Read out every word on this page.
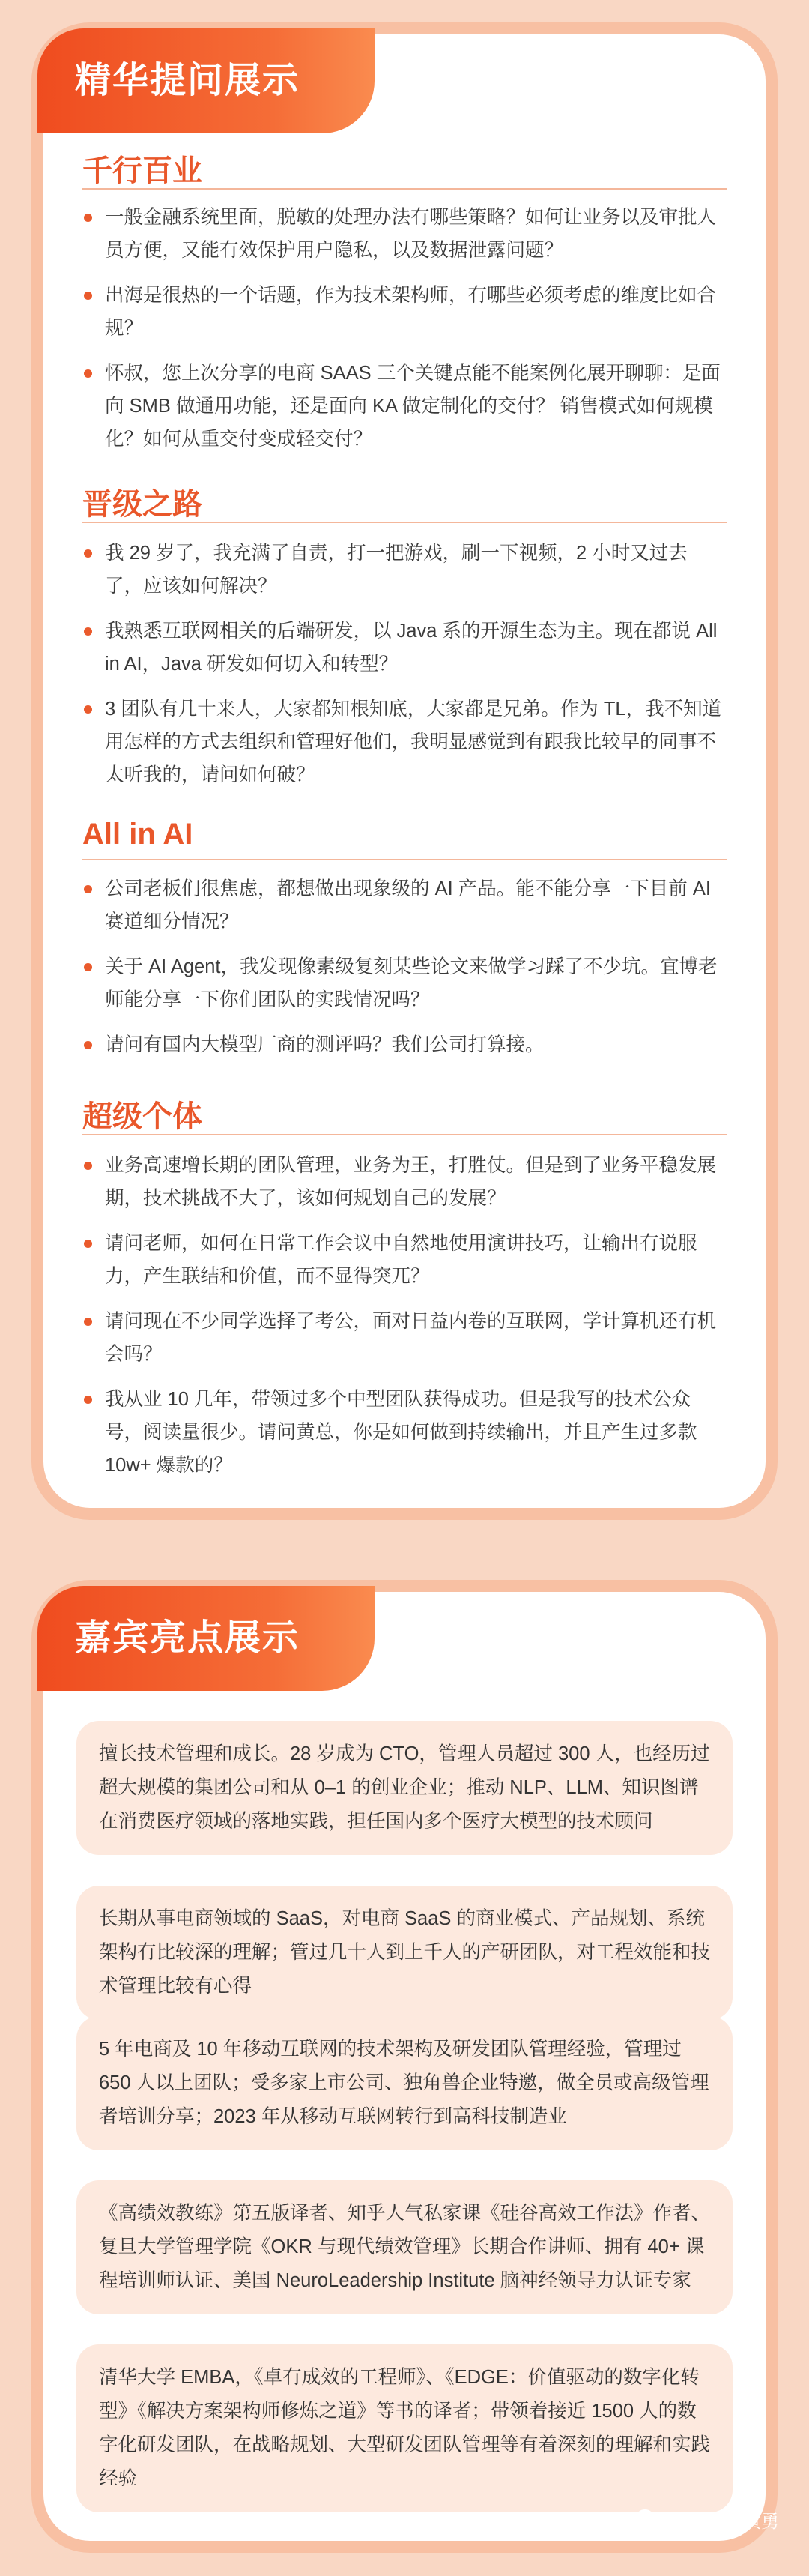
精华提问展示
千行百业
一般金融系统里面，脱敏的处理办法有哪些策略？如何让业务以及审批人员方便，又能有效保护用户隐私，以及数据泄露问题？
出海是很热的一个话题，作为技术架构师，有哪些必须考虑的维度比如合规？
怀叔，您上次分享的电商 SAAS 三个关键点能不能案例化展开聊聊：是面向 SMB 做通用功能，还是面向 KA 做定制化的交付？ 销售模式如何规模化？如何从重交付变成轻交付？
晋级之路
我 29 岁了，我充满了自责，打一把游戏，刷一下视频，2 小时又过去了，应该如何解决？
我熟悉互联网相关的后端研发，以 Java 系的开源生态为主。现在都说 All in AI，Java 研发如何切入和转型？
3 团队有几十来人，大家都知根知底，大家都是兄弟。作为 TL，我不知道用怎样的方式去组织和管理好他们，我明显感觉到有跟我比较早的同事不太听我的，请问如何破？
All in AI
公司老板们很焦虑，都想做出现象级的 AI 产品。能不能分享一下目前 AI 赛道细分情况？
关于 AI Agent，我发现像素级复刻某些论文来做学习踩了不少坑。宜博老师能分享一下你们团队的实践情况吗？
请问有国内大模型厂商的测评吗？我们公司打算接。
超级个体
业务高速增长期的团队管理，业务为王，打胜仗。但是到了业务平稳发展期，技术挑战不大了，该如何规划自己的发展？
请问老师，如何在日常工作会议中自然地使用演讲技巧，让输出有说服力，产生联结和价值，而不显得突兀？
请问现在不少同学选择了考公，面对日益内卷的互联网，学计算机还有机会吗？
我从业 10 几年，带领过多个中型团队获得成功。但是我写的技术公众号，阅读量很少。请问黄总，你是如何做到持续输出，并且产生过多款 10w+ 爆款的？
嘉宾亮点展示
擅长技术管理和成长。28 岁成为 CTO，管理人员超过 300 人，也经历过超大规模的集团公司和从 0–1 的创业企业；推动 NLP、LLM、知识图谱在消费医疗领域的落地实践，担任国内多个医疗大模型的技术顾问
长期从事电商领域的 SaaS，对电商 SaaS 的商业模式、产品规划、系统架构有比较深的理解；管过几十人到上千人的产研团队，对工程效能和技术管理比较有心得
5 年电商及 10 年移动互联网的技术架构及研发团队管理经验，管理过 650 人以上团队；受多家上市公司、独角兽企业特邀，做全员或高级管理者培训分享；2023 年从移动互联网转行到高科技制造业
《高绩效教练》第五版译者、知乎人气私家课《硅谷高效工作法》作者、复旦大学管理学院《OKR 与现代绩效管理》长期合作讲师、拥有 40+ 课程培训师认证、美国 NeuroLeadership Institute 脑神经领导力认证专家
清华大学 EMBA，《卓有成效的工程师》、《EDGE：价值驱动的数字化转型》《解决方案架构师修炼之道》等书的译者；带领着接近 1500 人的数字化研发团队，在战略规划、大型研发团队管理等有着深刻的理解和实践经验
技术人生黄勇
